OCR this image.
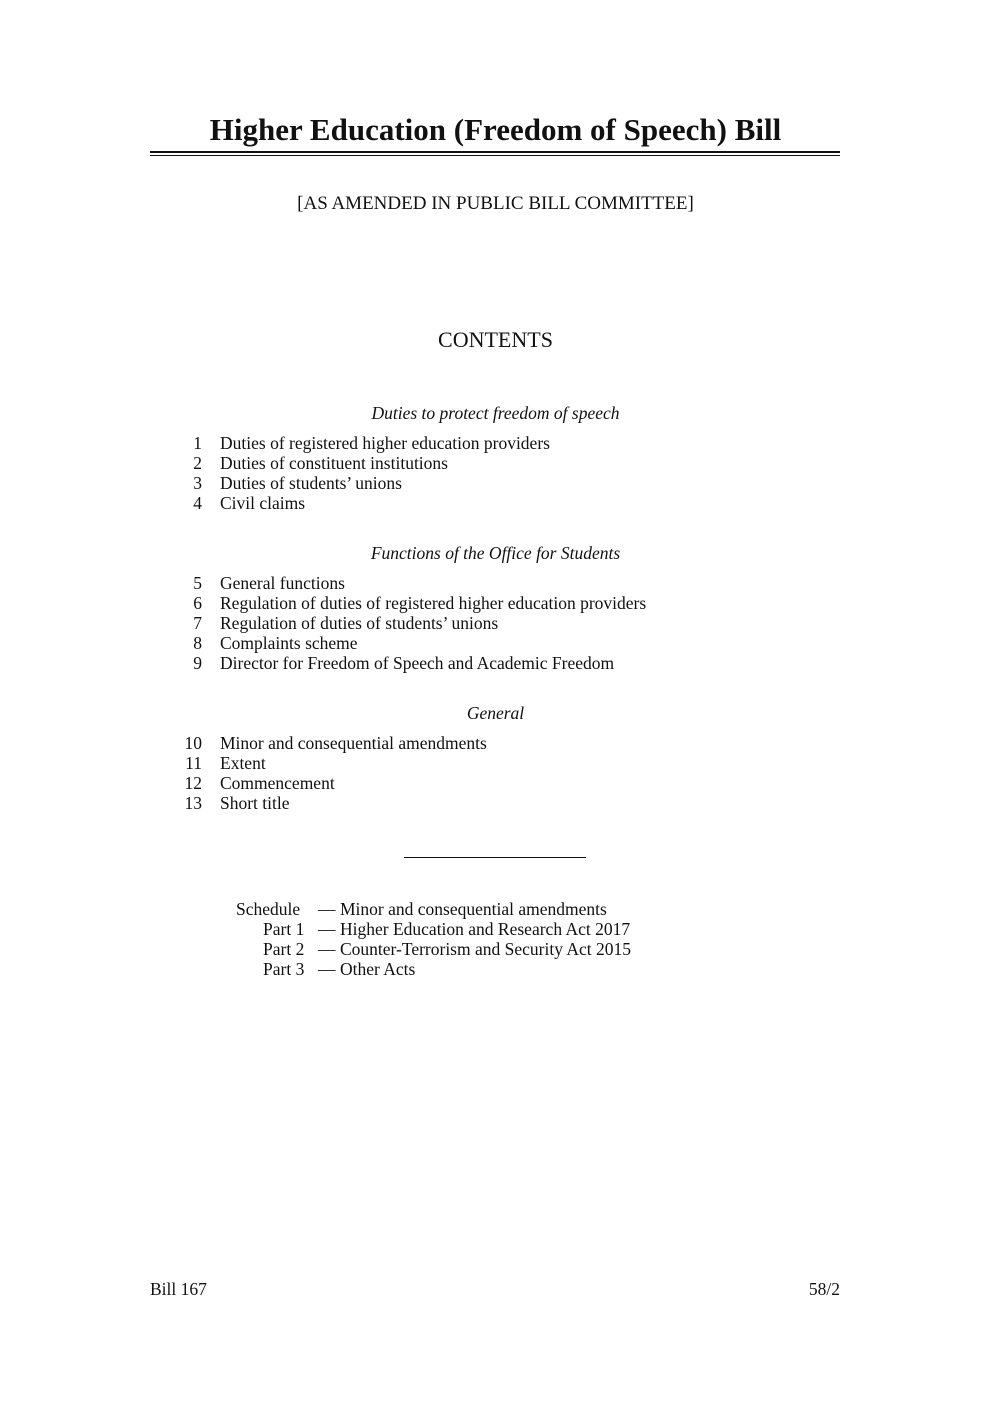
Higher Education (Freedom of Speech) Bill
[AS AMENDED IN PUBLIC BILL COMMITTEE]
CONTENTS
Duties to protect freedom of speech
1 Duties of registered higher education providers
2 Duties of constituent institutions
3 Duties of students’ unions
4 Civil claims
Functions of the Office for Students
5 General functions
6 Regulation of duties of registered higher education providers
7 Regulation of duties of students’ unions
8 Complaints scheme
9 Director for Freedom of Speech and Academic Freedom
General
10 Minor and consequential amendments
11 Extent
12 Commencement
13 Short title
Schedule — Minor and consequential amendments
Part 1 — Higher Education and Research Act 2017
Part 2 — Counter-Terrorism and Security Act 2015
Part 3 — Other Acts
Bill 167	58/2
